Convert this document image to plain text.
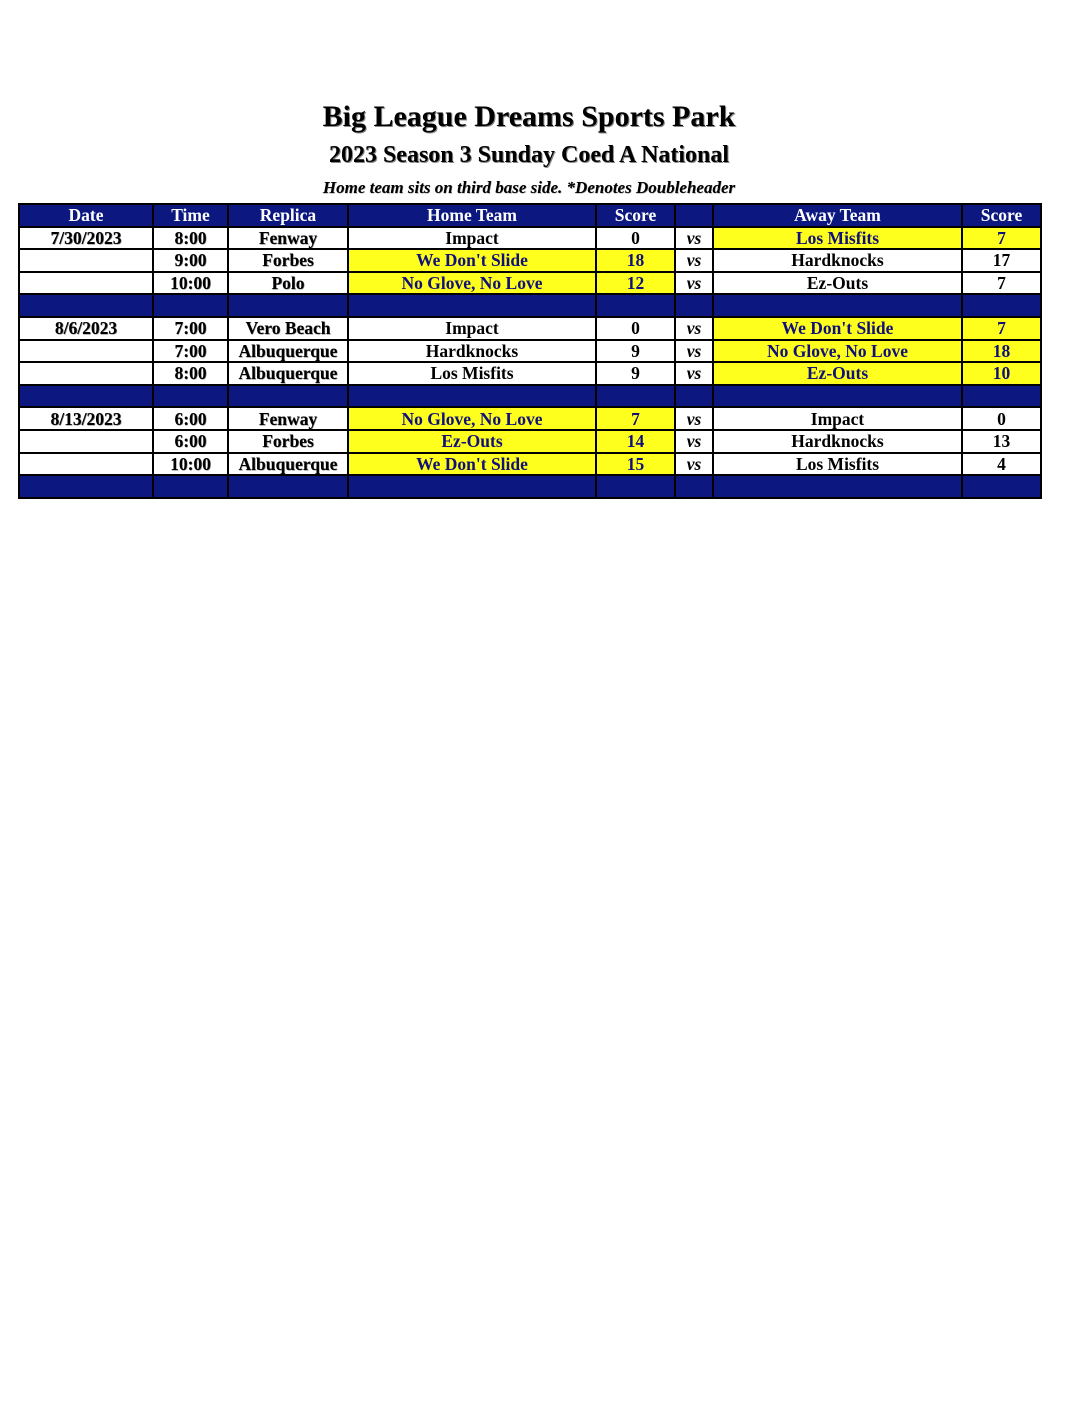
Big League Dreams Sports Park
2023 Season 3 Sunday Coed A National
Home team sits on third base side. *Denotes Doubleheader
Date	Time	Replica	Home Team	Score		Away Team	Score
7/30/2023	8:00	Fenway	Impact	0	vs	Los Misfits	7
	9:00	Forbes	We Don't Slide	18	vs	Hardknocks	17
	10:00	Polo	No Glove, No Love	12	vs	Ez-Outs	7

8/6/2023	7:00	Vero Beach	Impact	0	vs	We Don't Slide	7
	7:00	Albuquerque	Hardknocks	9	vs	No Glove, No Love	18
	8:00	Albuquerque	Los Misfits	9	vs	Ez-Outs	10

8/13/2023	6:00	Fenway	No Glove, No Love	7	vs	Impact	0
	6:00	Forbes	Ez-Outs	14	vs	Hardknocks	13
	10:00	Albuquerque	We Don't Slide	15	vs	Los Misfits	4
